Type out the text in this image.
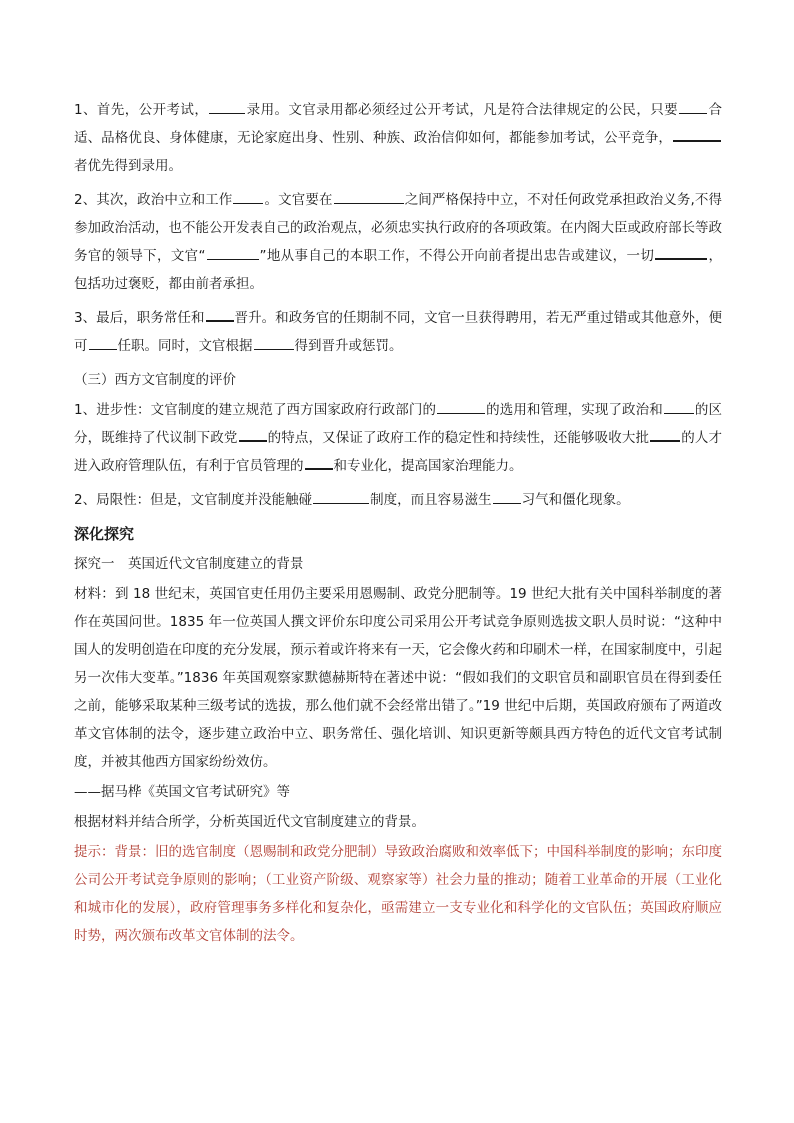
1、首先，公开考试，	录用。文官录用都必须经过公开考试，凡是符合法律规定的公民，只要 合适、品格优良、身体健康，无论家庭出身、性别、种族、政治信仰如何，都能参加考试，公平竞争，者优先得到录用。

2、其次，政治中立和工作 。文官要在	之间严格保持中立，不对任何政党承担政治义务,不得参加政治活动，也不能公开发表自己的政治观点，必须忠实执行政府的各项政策。在内阁大臣或政府部长等政务官的领导下，文官“	”地从事自己的本职工作，不得公开向前者提出忠告或建议，一切	，包括功过褒贬，都由前者承担。

3、最后，职务常任和 晋升。和政务官的任期制不同，文官一旦获得聘用，若无严重过错或其他意外，便可 任职。同时，文官根据	得到晋升或惩罚。

（三）西方文官制度的评价

1、进步性：文官制度的建立规范了西方国家政府行政部门的	的选用和管理，实现了政治和 的区分，既维持了代议制下政党 的特点，又保证了政府工作的稳定性和持续性，还能够吸收大批 的人才进入政府管理队伍，有利于官员管理的 和专业化，提高国家治理能力。

2、局限性：但是，文官制度并没能触碰	制度，而且容易滋生 习气和僵化现象。

深化探究

探究一　英国近代文官制度建立的背景

材料：到 18 世纪末，英国官吏任用仍主要采用恩赐制、政党分肥制等。19 世纪大批有关中国科举制度的著作在英国问世。1835 年一位英国人撰文评价东印度公司采用公开考试竞争原则选拔文职人员时说：“这种中国人的发明创造在印度的充分发展，预示着或许将来有一天，它会像火药和印刷术一样，在国家制度中，引起另一次伟大变革。”1836 年英国观察家默德赫斯特在著述中说：“假如我们的文职官员和副职官员在得到委任之前，能够采取某种三级考试的选拔，那么他们就不会经常出错了。”19 世纪中后期，英国政府颁布了两道改革文官体制的法令，逐步建立政治中立、职务常任、强化培训、知识更新等颇具西方特色的近代文官考试制度，并被其他西方国家纷纷效仿。

——据马桦《英国文官考试研究》等

根据材料并结合所学，分析英国近代文官制度建立的背景。

提示：背景：旧的选官制度（恩赐制和政党分肥制）导致政治腐败和效率低下；中国科举制度的影响；东印度公司公开考试竞争原则的影响；（工业资产阶级、观察家等）社会力量的推动；随着工业革命的开展（工业化和城市化的发展），政府管理事务多样化和复杂化，亟需建立一支专业化和科学化的文官队伍；英国政府顺应时势，两次颁布改革文官体制的法令。
